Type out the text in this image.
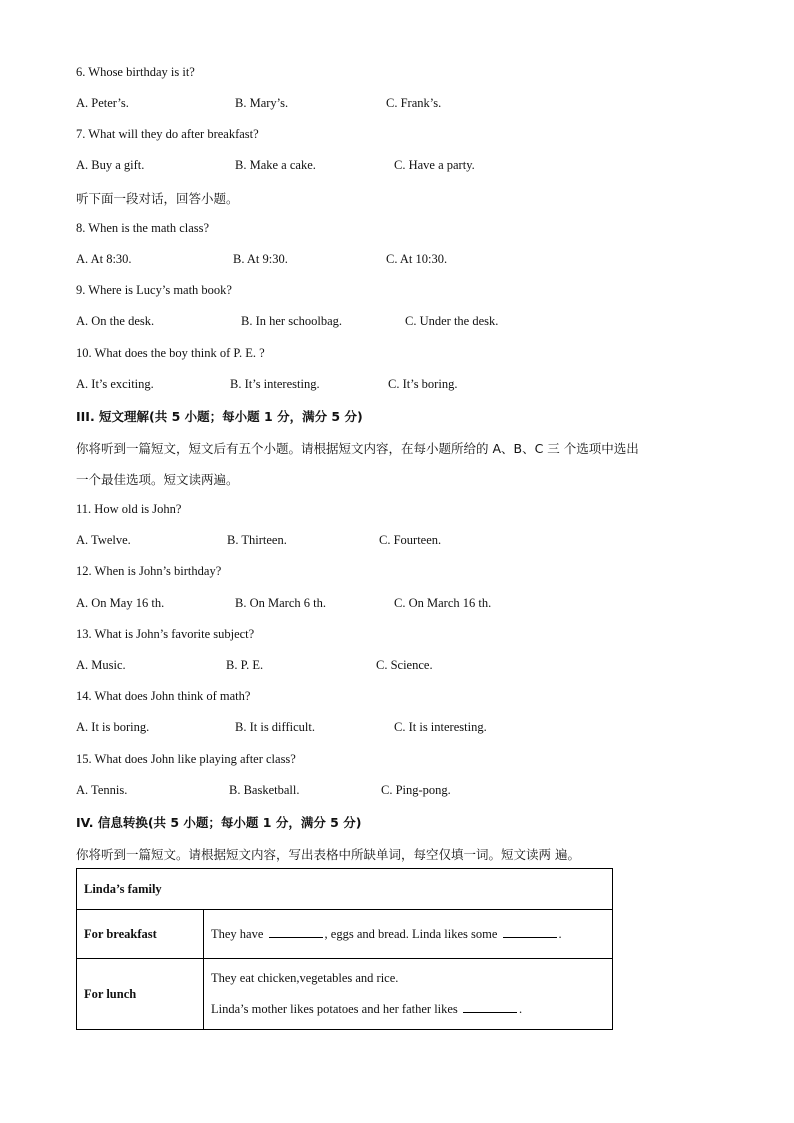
6. Whose birthday is it?
A. Peter’s.	B. Mary’s.	C. Frank’s.
7. What will they do after breakfast?
A. Buy a gift.	B. Make a cake.	C. Have a party.
听下面一段对话，回答小题。
8. When is the math class?
A. At 8:30.	B. At 9:30.	C. At 10:30.
9. Where is Lucy’s math book?
A. On the desk.	B. In her schoolbag.	C. Under the desk.
10. What does the boy think of P. E. ?
A. It’s exciting.	B. It’s interesting.	C. It’s boring.
III. 短文理解(共 5 小题；每小题 1 分，满分 5 分)
你将听到一篇短文，短文后有五个小题。请根据短文内容，在每小题所给的 A、B、C 三 个选项中选出
一个最佳选项。短文读两遍。
11. How old is John?
A. Twelve.	B. Thirteen.	C. Fourteen.
12. When is John’s birthday?
A. On May 16 th.	B. On March 6 th.	C. On March 16 th.
13. What is John’s favorite subject?
A. Music.	B. P. E.	C. Science.
14. What does John think of math?
A. It is boring.	B. It is difficult.	C. It is interesting.
15. What does John like playing after class?
A. Tennis.	B. Basketball.	C. Ping-pong.
IV. 信息转换(共 5 小题；每小题 1 分，满分 5 分)
你将听到一篇短文。请根据短文内容，写出表格中所缺单词，每空仅填一词。短文读两 遍。
Linda’s family	
For breakfast	They have , eggs and bread. Linda likes some .
For lunch	They eat chicken,vegetables and rice.
Linda’s mother likes potatoes and her father likes .
